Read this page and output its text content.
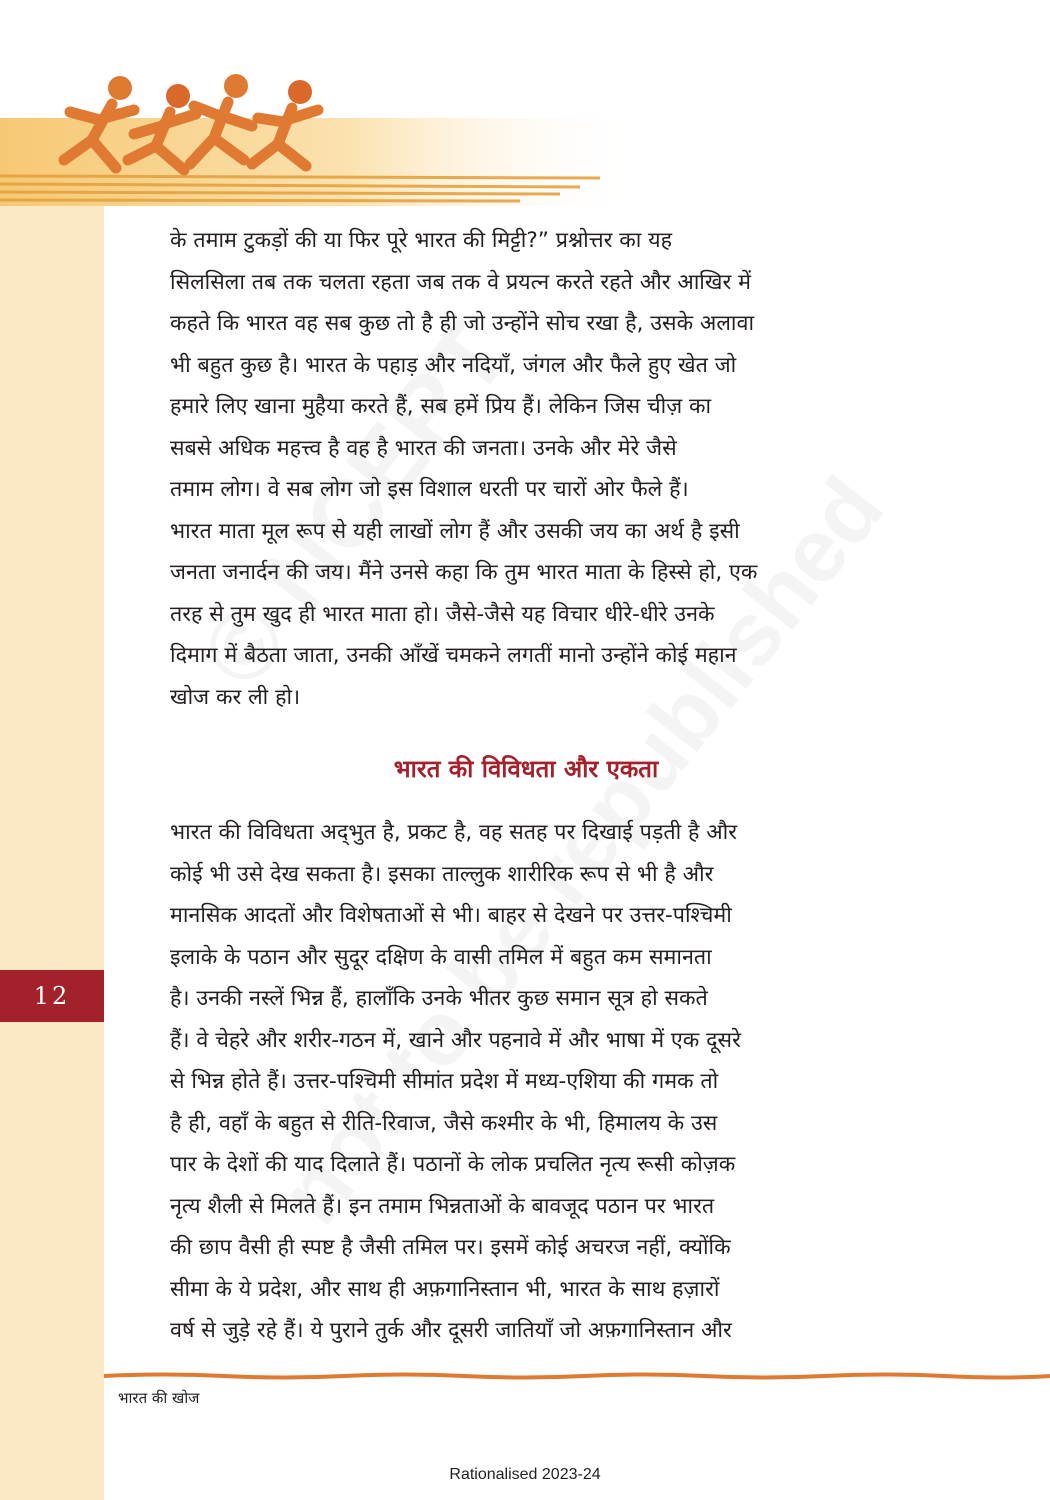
12
के तमाम टुकड़ों की या फिर पूरे भारत की मिट्टी?” प्रश्नोत्तर का यह
सिलसिला तब तक चलता रहता जब तक वे प्रयत्न करते रहते और आखिर में
कहते कि भारत वह सब कुछ तो है ही जो उन्होंने सोच रखा है, उसके अलावा
भी बहुत कुछ है। भारत के पहाड़ और नदियाँ, जंगल और फैले हुए खेत जो
हमारे लिए खाना मुहैया करते हैं, सब हमें प्रिय हैं। लेकिन जिस चीज़ का
सबसे अधिक महत्त्व है वह है भारत की जनता। उनके और मेरे जैसे
तमाम लोग। वे सब लोग जो इस विशाल धरती पर चारों ओर फैले हैं।
भारत माता मूल रूप से यही लाखों लोग हैं और उसकी जय का अर्थ है इसी
जनता जनार्दन की जय। मैंने उनसे कहा कि तुम भारत माता के हिस्से हो, एक
तरह से तुम खुद ही भारत माता हो। जैसे-जैसे यह विचार धीरे-धीरे उनके
दिमाग में बैठता जाता, उनकी आँखें चमकने लगतीं मानो उन्होंने कोई महान
खोज कर ली हो।
भारत की विविधता और एकता
भारत की विविधता अद्‌भुत है, प्रकट है, वह सतह पर दिखाई पड़ती है और
कोई भी उसे देख सकता है। इसका ताल्लुक शारीरिक रूप से भी है और
मानसिक आदतों और विशेषताओं से भी। बाहर से देखने पर उत्तर-पश्चिमी
इलाके के पठान और सुदूर दक्षिण के वासी तमिल में बहुत कम समानता
है। उनकी नस्लें भिन्न हैं, हालाँकि उनके भीतर कुछ समान सूत्र हो सकते
हैं। वे चेहरे और शरीर-गठन में, खाने और पहनावे में और भाषा में एक दूसरे
से भिन्न होते हैं। उत्तर-पश्चिमी सीमांत प्रदेश में मध्य-एशिया की गमक तो
है ही, वहाँ के बहुत से रीति-रिवाज, जैसे कश्मीर के भी, हिमालय के उस
पार के देशों की याद दिलाते हैं। पठानों के लोक प्रचलित नृत्य रूसी कोज़क
नृत्य शैली से मिलते हैं। इन तमाम भिन्नताओं के बावजूद पठान पर भारत
की छाप वैसी ही स्पष्ट है जैसी तमिल पर। इसमें कोई अचरज नहीं, क्योंकि
सीमा के ये प्रदेश, और साथ ही अफ़गानिस्तान भी, भारत के साथ हज़ारों
वर्ष से जुड़े रहे हैं। ये पुराने तुर्क और दूसरी जातियाँ जो अफ़गानिस्तान और
भारत की खोज
Rationalised 2023-24
